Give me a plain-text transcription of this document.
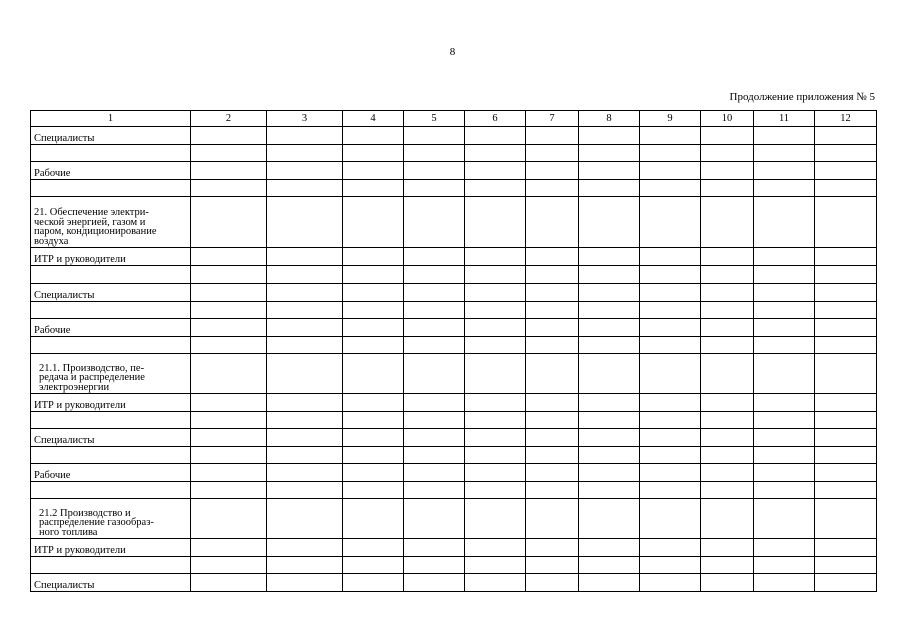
8
Продолжение приложения № 5
1	2	3	4	5	6	7	8	9	10	11	12

Специалисты											

Рабочие											

21. Обеспечение электри-
ческой энергией, газом и
паром, кондиционирование
воздуха											

ИТР и руководители											

Специалисты											

Рабочие											

21.1. Производство, пе-
редача и распределение
электроэнергии											

ИТР и руководители											

Специалисты											

Рабочие											

21.2 Производство и
распределение газообраз-
ного топлива											

ИТР и руководители											

Специалисты											
